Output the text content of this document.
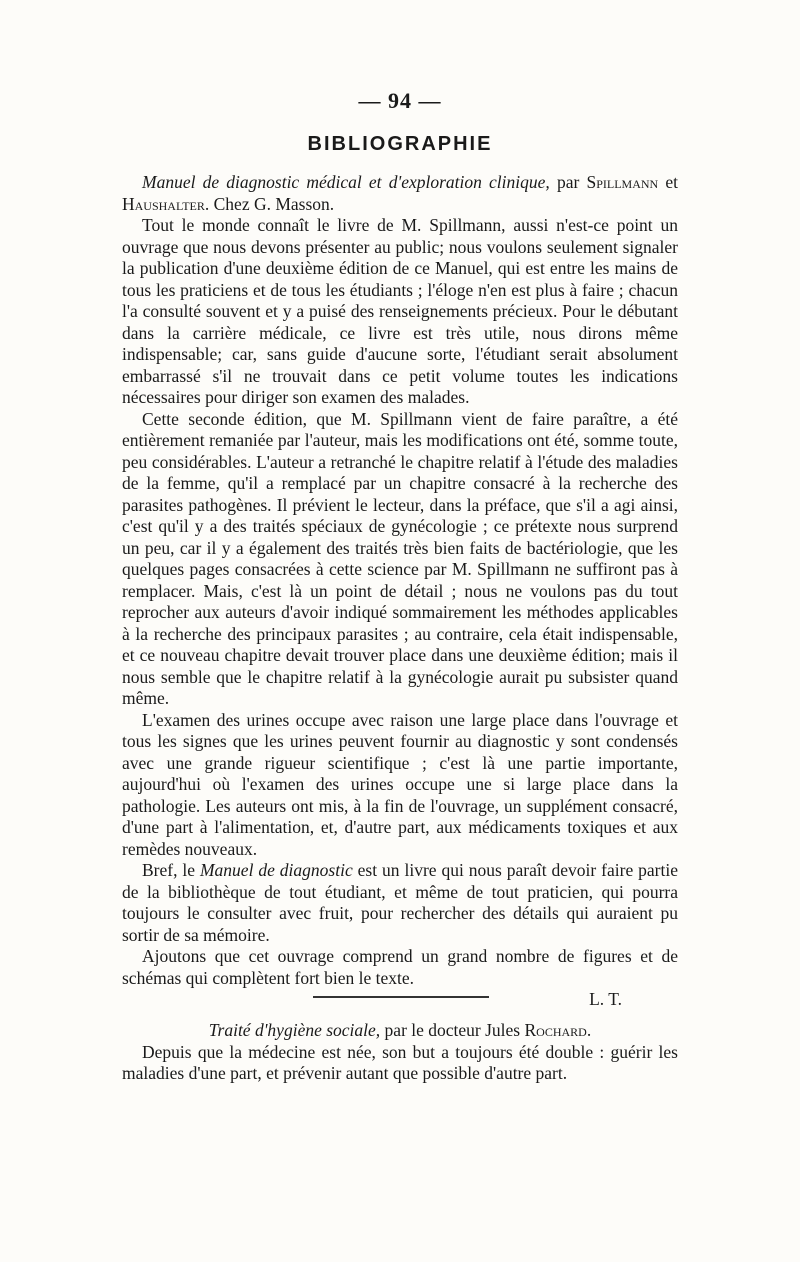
— 94 —
BIBLIOGRAPHIE

Manuel de diagnostic médical et d'exploration clinique, par Spillmann et Haushalter. Chez G. Masson.

Tout le monde connaît le livre de M. Spillmann, aussi n'est-ce point un ouvrage que nous devons présenter au public; nous voulons seulement signaler la publication d'une deuxième édition de ce Manuel, qui est entre les mains de tous les praticiens et de tous les étudiants ; l'éloge n'en est plus à faire ; chacun l'a consulté souvent et y a puisé des renseignements précieux. Pour le débutant dans la carrière médicale, ce livre est très utile, nous dirons même indispensable; car, sans guide d'aucune sorte, l'étudiant serait absolument embarrassé s'il ne trouvait dans ce petit volume toutes les indications nécessaires pour diriger son examen des malades.

Cette seconde édition, que M. Spillmann vient de faire paraître, a été entièrement remaniée par l'auteur, mais les modifications ont été, somme toute, peu considérables. L'auteur a retranché le chapitre relatif à l'étude des maladies de la femme, qu'il a remplacé par un chapitre consacré à la recherche des parasites pathogènes. Il prévient le lecteur, dans la préface, que s'il a agi ainsi, c'est qu'il y a des traités spéciaux de gynécologie ; ce prétexte nous surprend un peu, car il y a également des traités très bien faits de bactériologie, que les quelques pages consacrées à cette science par M. Spillmann ne suffiront pas à remplacer. Mais, c'est là un point de détail ; nous ne voulons pas du tout reprocher aux auteurs d'avoir indiqué sommairement les méthodes applicables à la recherche des principaux parasites ; au contraire, cela était indispensable, et ce nouveau chapitre devait trouver place dans une deuxième édition; mais il nous semble que le chapitre relatif à la gynécologie aurait pu subsister quand même.

L'examen des urines occupe avec raison une large place dans l'ouvrage et tous les signes que les urines peuvent fournir au diagnostic y sont condensés avec une grande rigueur scientifique ; c'est là une partie importante, aujourd'hui où l'examen des urines occupe une si large place dans la pathologie. Les auteurs ont mis, à la fin de l'ouvrage, un supplément consacré, d'une part à l'alimentation, et, d'autre part, aux médicaments toxiques et aux remèdes nouveaux.

Bref, le Manuel de diagnostic est un livre qui nous paraît devoir faire partie de la bibliothèque de tout étudiant, et même de tout praticien, qui pourra toujours le consulter avec fruit, pour rechercher des détails qui auraient pu sortir de sa mémoire.

Ajoutons que cet ouvrage comprend un grand nombre de figures et de schémas qui complètent fort bien le texte.

L. T.

Traité d'hygiène sociale, par le docteur Jules Rochard.

Depuis que la médecine est née, son but a toujours été double : guérir les maladies d'une part, et prévenir autant que possible d'autre part.
